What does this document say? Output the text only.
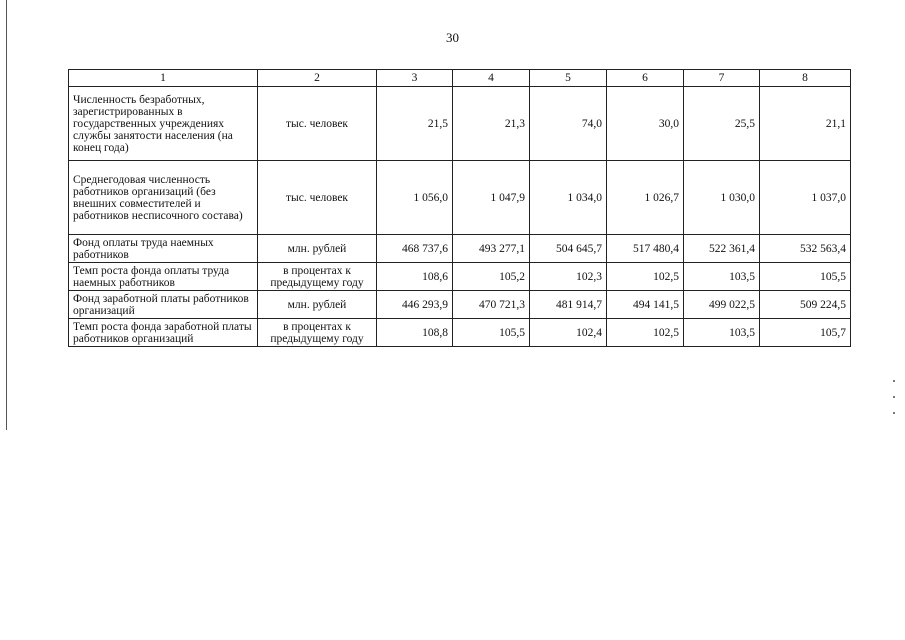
30
1	2	3	4	5	6	7	8
Численность безработных, зарегистрированных в государственных учреждениях службы занятости населения (на конец года)	тыс. человек	21,5	21,3	74,0	30,0	25,5	21,1
Среднегодовая численность работников организаций (без внешних совместителей и работников несписочного состава)	тыс. человек	1 056,0	1 047,9	1 034,0	1 026,7	1 030,0	1 037,0
Фонд оплаты труда наемных работников	млн. рублей	468 737,6	493 277,1	504 645,7	517 480,4	522 361,4	532 563,4
Темп роста фонда оплаты труда наемных работников	в процентах к предыдущему году	108,6	105,2	102,3	102,5	103,5	105,5
Фонд заработной платы работников организаций	млн. рублей	446 293,9	470 721,3	481 914,7	494 141,5	499 022,5	509 224,5
Темп роста фонда заработной платы работников организаций	в процентах к предыдущему году	108,8	105,5	102,4	102,5	103,5	105,7
